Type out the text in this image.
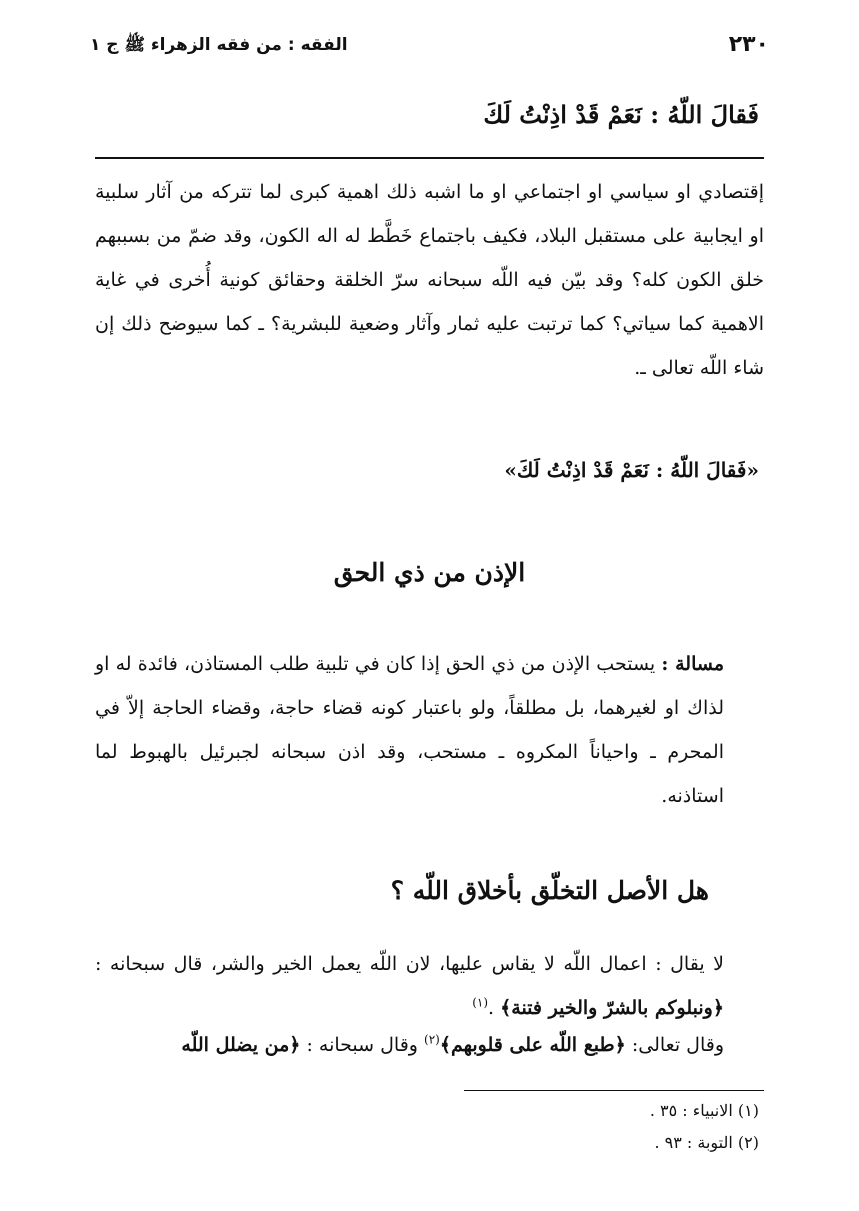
٢٣٠
الفقه : من فقه الزهراء ﷺ ج ١
فَقالَ اللّهُ : نَعَمْ قَدْ اذِنْتُ لَكَ
إقتصادي او سياسي او اجتماعي او ما اشبه ذلك اهمية كبرى لما تتركه من آثار سلبية او ايجابية على مستقبل البلاد، فكيف باجتماع خَطَّط له اله الكون، وقد ضمّ من بسببهم خلق الكون كله؟ وقد بيّن فيه اللّه سبحانه سرّ الخلقة وحقائق كونية أُخرى في غاية الاهمية كما سياتي؟ كما ترتبت عليه ثمار وآثار وضعية للبشرية؟ ـ كما سيوضح ذلك إن شاء اللّه تعالى ـ.
«فَقالَ اللّهُ : نَعَمْ قَدْ اذِنْتُ لَكَ»
الإذن من ذي الحق
مسالة : يستحب الإذن من ذي الحق إذا كان في تلبية طلب المستاذن، فائدة له او لذاك او لغيرهما، بل مطلقاً، ولو باعتبار كونه قضاء حاجة، وقضاء الحاجة إلاّ في المحرم ـ واحياناً المكروه ـ مستحب، وقد اذن سبحانه لجبرئيل بالهبوط لما استاذنه.
هل الأصل التخلّق بأخلاق اللّه ؟
لا يقال : اعمال اللّه لا يقاس عليها، لان اللّه يعمل الخير والشر، قال سبحانه : ﴿ونبلوكم بالشرّ والخير فتنة﴾ .$^{(١)}$
وقال تعالى: ﴿طبع اللّه على قلوبهم﴾$^{(٢)}$ وقال سبحانه : ﴿من يضلل اللّه
(١) الانبياء : ٣٥ .
(٢) التوبة : ٩٣ .
